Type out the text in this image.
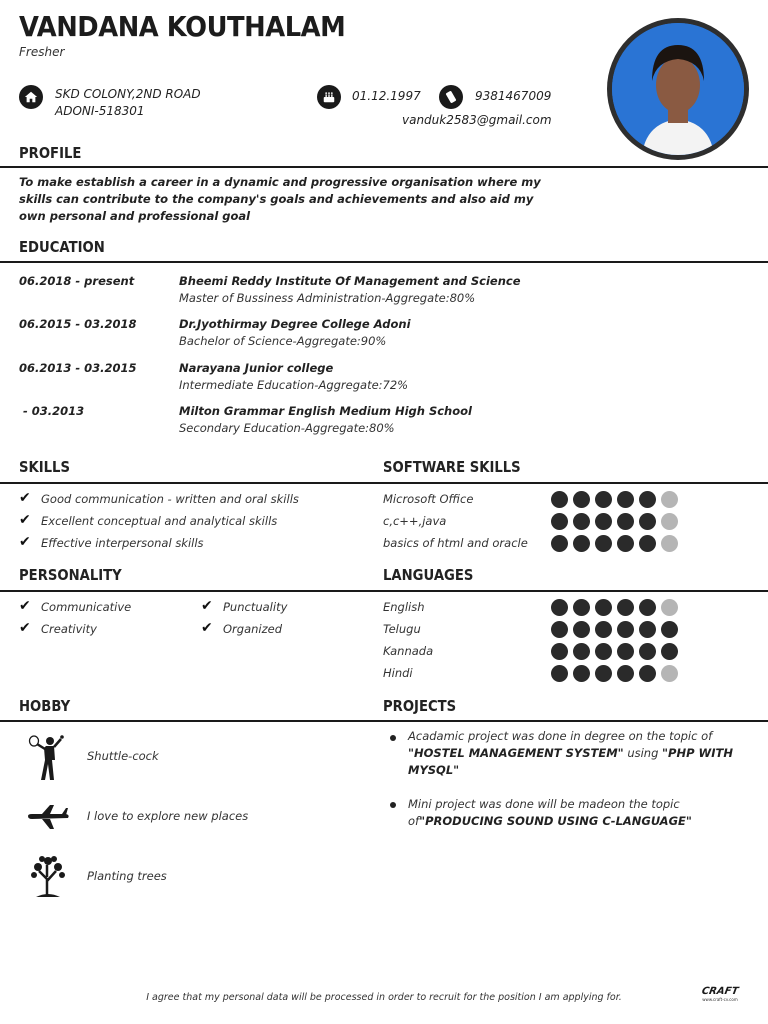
VANDANA KOUTHALAM
Fresher
SKD COLONY,2ND ROAD
ADONI-518301
01.12.1997	9381467009
vanduk2583@gmail.com
PROFILE
To make establish a career in a dynamic and progressive organisation where my skills can contribute to the company's goals and achievements and also aid my own personal and professional goal
EDUCATION
06.2018 - present	Bheemi Reddy Institute Of Management and Science
Master of Bussiness Administration-Aggregate:80%
06.2015 - 03.2018	Dr.Jyothirmay Degree College Adoni
Bachelor of Science-Aggregate:90%
06.2013 - 03.2015	Narayana Junior college
Intermediate Education-Aggregate:72%
- 03.2013	Milton Grammar English Medium High School
Secondary Education-Aggregate:80%
SKILLS	SOFTWARE SKILLS
✔ Good communication - written and oral skills
✔ Excellent conceptual and analytical skills
✔ Effective interpersonal skills
Microsoft Office
c,c++,java
basics of html and oracle
PERSONALITY	LANGUAGES
✔ Communicative	✔ Punctuality
✔ Creativity	✔ Organized
English
Telugu
Kannada
Hindi
HOBBY	PROJECTS
Shuttle-cock
I love to explore new places
Planting trees
Acadamic project was done in degree on the topic of "HOSTEL MANAGEMENT SYSTEM" using "PHP WITH MYSQL"
Mini project was done will be madeon the topic of"PRODUCING SOUND USING C-LANGUAGE"
I agree that my personal data will be processed in order to recruit for the position I am applying for.
CRAFT
www.craft-cv.com
